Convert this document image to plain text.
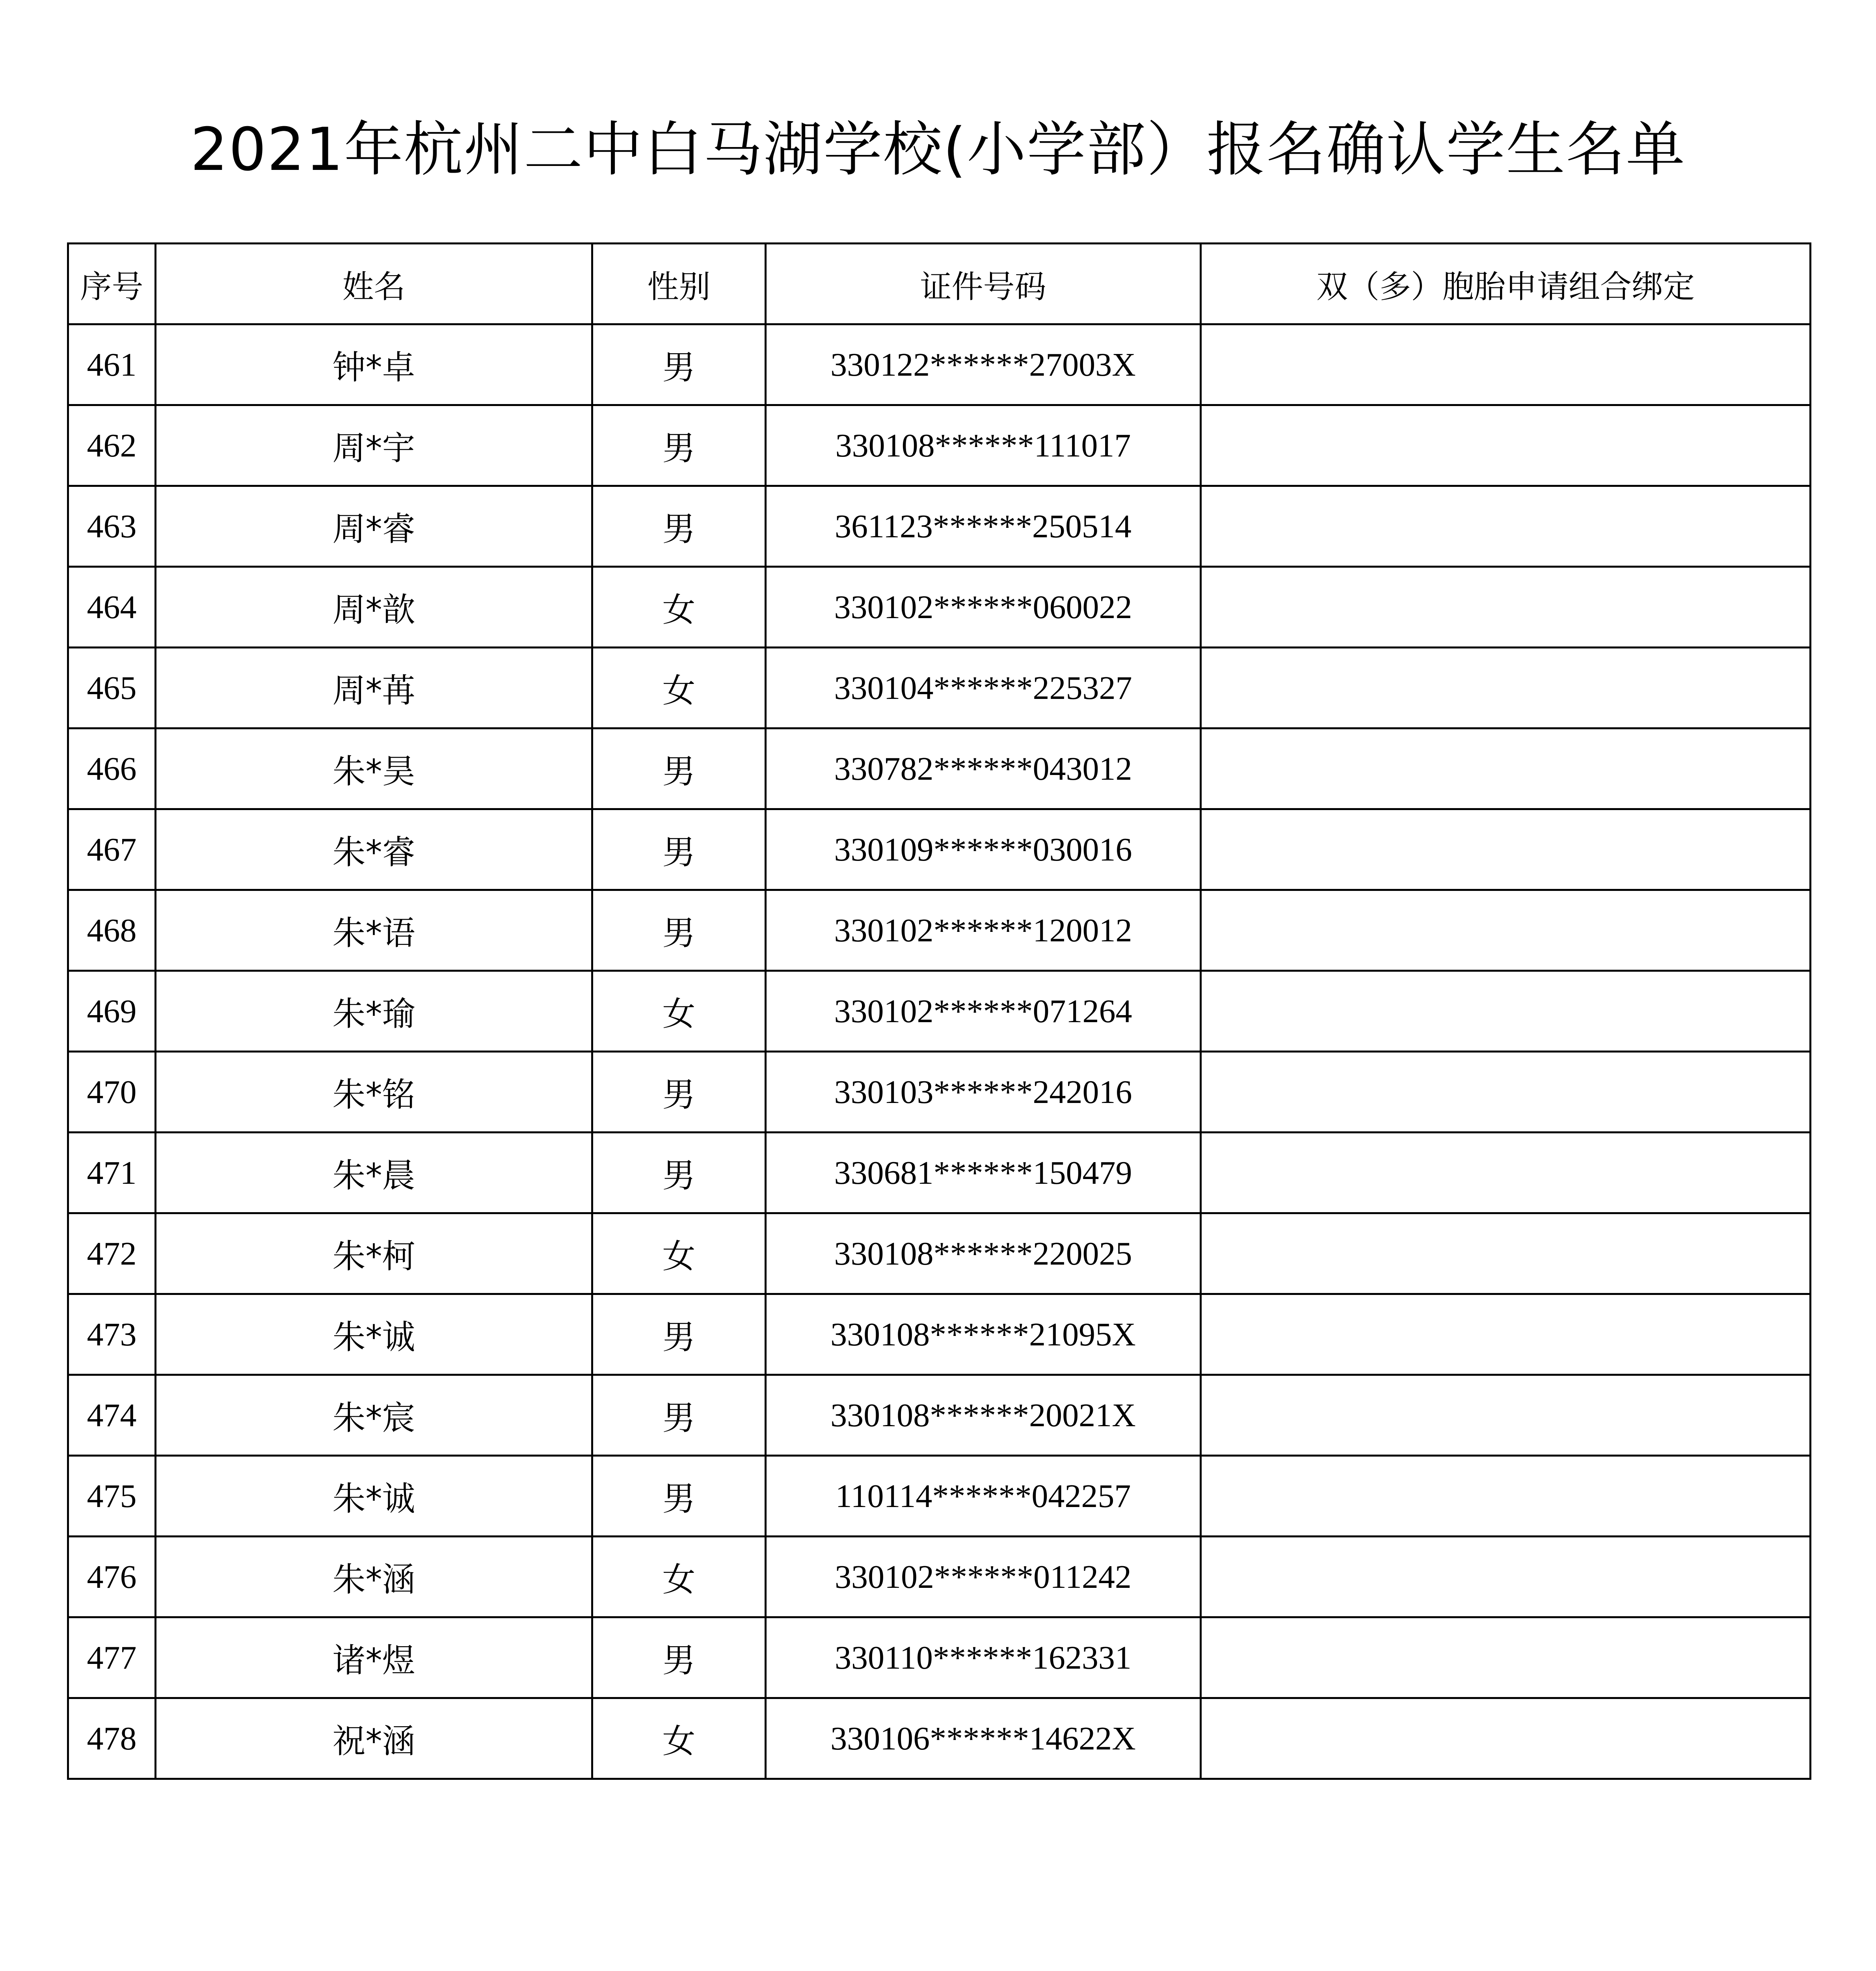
2021年杭州二中白马湖学校(小学部）报名确认学生名单
序号	姓名	性别	证件号码	双（多）胞胎申请组合绑定
461	钟*卓	男	330122******27003X	
462	周*宇	男	330108******111017	
463	周*睿	男	361123******250514	
464	周*歆	女	330102******060022	
465	周*苒	女	330104******225327	
466	朱*昊	男	330782******043012	
467	朱*睿	男	330109******030016	
468	朱*语	男	330102******120012	
469	朱*瑜	女	330102******071264	
470	朱*铭	男	330103******242016	
471	朱*晨	男	330681******150479	
472	朱*柯	女	330108******220025	
473	朱*诚	男	330108******21095X	
474	朱*宸	男	330108******20021X	
475	朱*诚	男	110114******042257	
476	朱*涵	女	330102******011242	
477	诸*煜	男	330110******162331	
478	祝*涵	女	330106******14622X	
